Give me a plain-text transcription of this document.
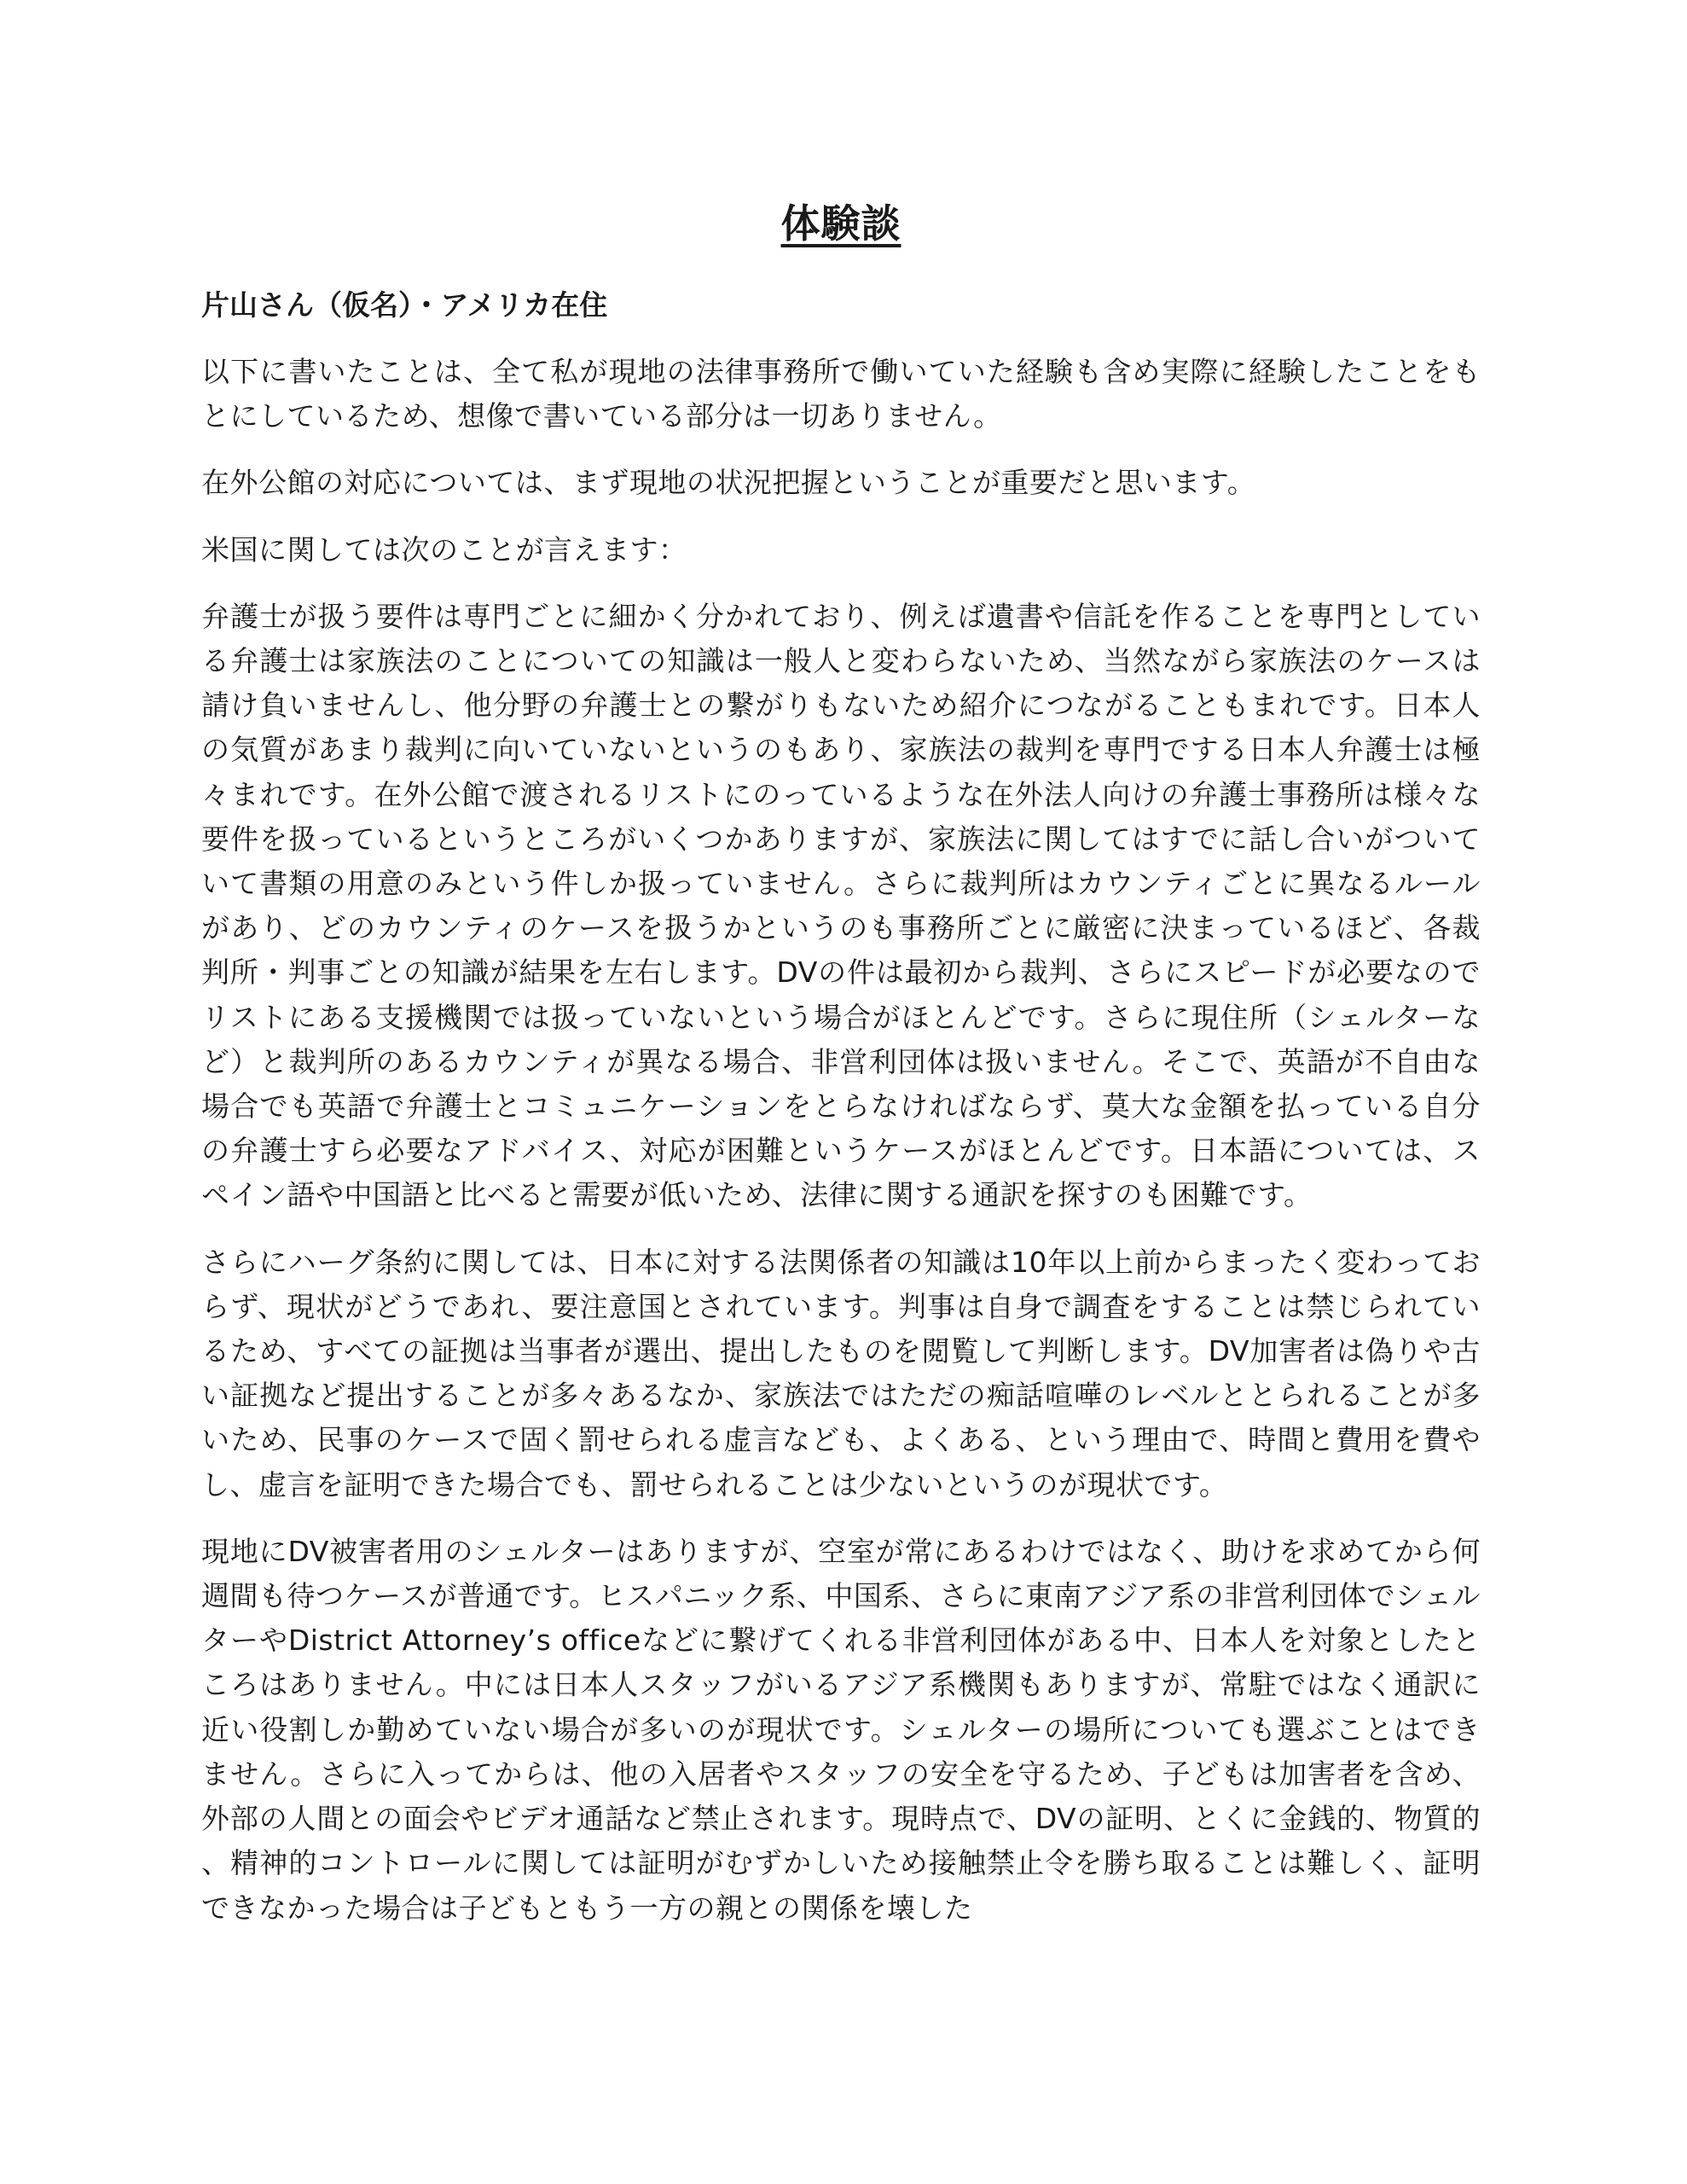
体験談
片山さん（仮名）・アメリカ在住

以下に書いたことは、全て私が現地の法律事務所で働いていた経験も含め実際に経験したことをもとにしているため、想像で書いている部分は一切ありません。

在外公館の対応については、まず現地の状況把握ということが重要だと思います。

米国に関しては次のことが言えます：

弁護士が扱う要件は専門ごとに細かく分かれており、例えば遺書や信託を作ることを専門としている弁護士は家族法のことについての知識は一般人と変わらないため、当然ながら家族法のケースは請け負いませんし、他分野の弁護士との繋がりもないため紹介につながることもまれです。日本人の気質があまり裁判に向いていないというのもあり、家族法の裁判を専門でする日本人弁護士は極々まれです。在外公館で渡されるリストにのっているような在外法人向けの弁護士事務所は様々な要件を扱っているというところがいくつかありますが、家族法に関してはすでに話し合いがついていて書類の用意のみという件しか扱っていません。さらに裁判所はカウンティごとに異なるルールがあり、どのカウンティのケースを扱うかというのも事務所ごとに厳密に決まっているほど、各裁判所・判事ごとの知識が結果を左右します。DVの件は最初から裁判、さらにスピードが必要なのでリストにある支援機関では扱っていないという場合がほとんどです。さらに現住所（シェルターなど）と裁判所のあるカウンティが異なる場合、非営利団体は扱いません。そこで、英語が不自由な場合でも英語で弁護士とコミュニケーションをとらなければならず、莫大な金額を払っている自分の弁護士すら必要なアドバイス、対応が困難というケースがほとんどです。日本語については、スペイン語や中国語と比べると需要が低いため、法律に関する通訳を探すのも困難です。

さらにハーグ条約に関しては、日本に対する法関係者の知識は10年以上前からまったく変わっておらず、現状がどうであれ、要注意国とされています。判事は自身で調査をすることは禁じられているため、すべての証拠は当事者が選出、提出したものを閲覧して判断します。DV加害者は偽りや古い証拠など提出することが多々あるなか、家族法ではただの痴話喧嘩のレベルととられることが多いため、民事のケースで固く罰せられる虚言なども、よくある、という理由で、時間と費用を費やし、虚言を証明できた場合でも、罰せられることは少ないというのが現状です。

現地にDV被害者用のシェルターはありますが、空室が常にあるわけではなく、助けを求めてから何週間も待つケースが普通です。ヒスパニック系、中国系、さらに東南アジア系の非営利団体でシェルターやDistrict Attorney’s officeなどに繋げてくれる非営利団体がある中、日本人を対象としたところはありません。中には日本人スタッフがいるアジア系機関もありますが、常駐ではなく通訳に近い役割しか勤めていない場合が多いのが現状です。シェルターの場所についても選ぶことはできません。さらに入ってからは、他の入居者やスタッフの安全を守るため、子どもは加害者を含め、外部の人間との面会やビデオ通話など禁止されます。現時点で、DVの証明、とくに金銭的、物質的、精神的コントロールに関しては証明がむずかしいため接触禁止令を勝ち取ることは難しく、証明できなかった場合は子どもともう一方の親との関係を壊した
